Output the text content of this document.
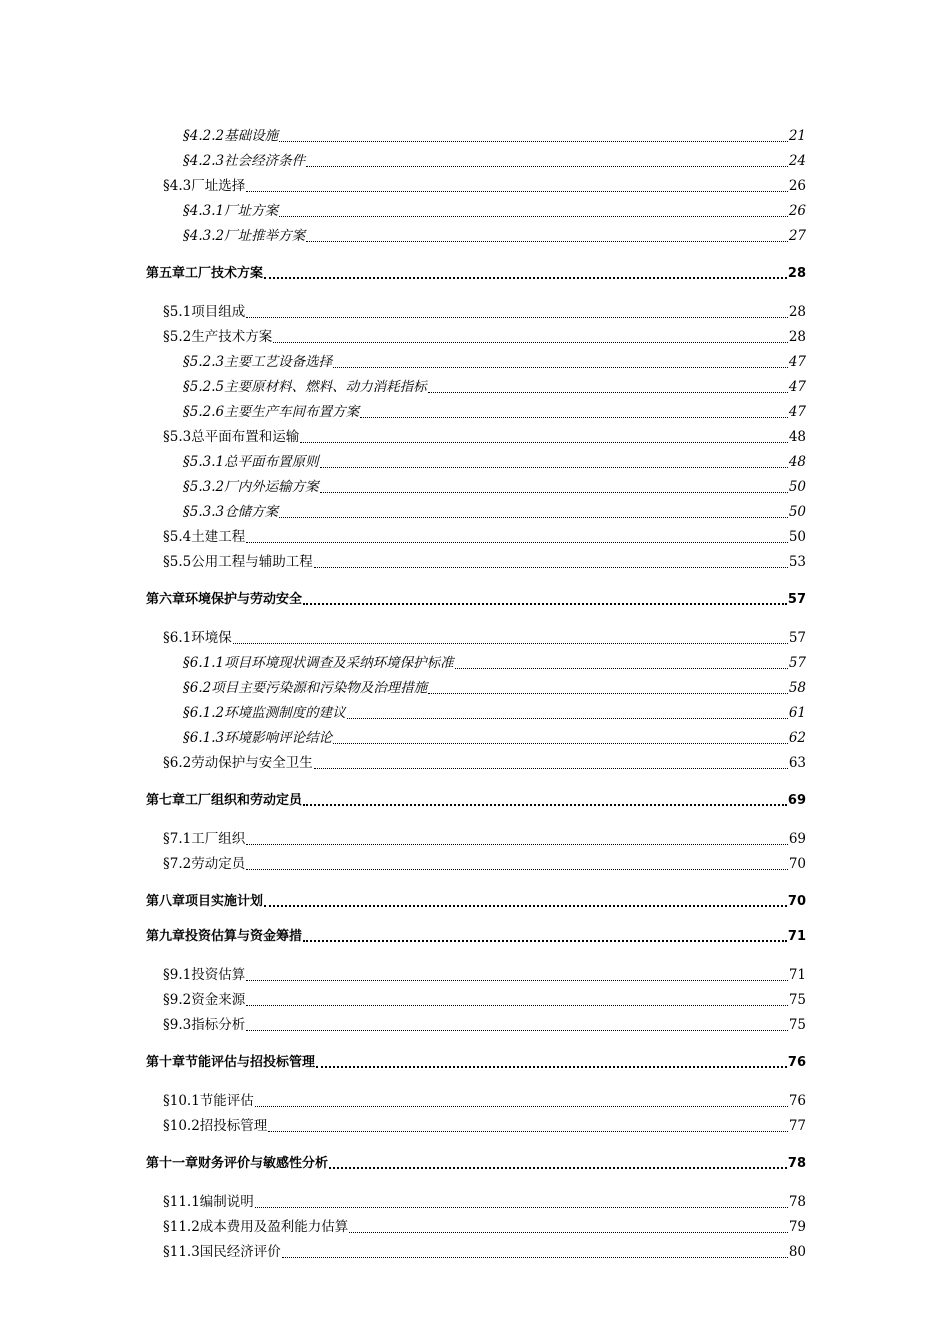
§4.2.2基础设施	21
§4.2.3社会经济条件	24
§4.3厂址选择	26
§4.3.1厂址方案	26
§4.3.2厂址推举方案	27
第五章工厂技术方案	28
§5.1项目组成	28
§5.2生产技术方案	28
§5.2.3主要工艺设备选择	47
§5.2.5主要原材料、燃料、动力消耗指标	47
§5.2.6主要生产车间布置方案	47
§5.3总平面布置和运输	48
§5.3.1总平面布置原则	48
§5.3.2厂内外运输方案	50
§5.3.3仓储方案	50
§5.4土建工程	50
§5.5公用工程与辅助工程	53
第六章环境保护与劳动安全	57
§6.1环境保	57
§6.1.1项目环境现状调查及采纳环境保护标准	57
§6.2项目主要污染源和污染物及治理措施	58
§6.1.2环境监测制度的建议	61
§6.1.3环境影响评论结论	62
§6.2劳动保护与安全卫生	63
第七章工厂组织和劳动定员	69
§7.1工厂组织	69
§7.2劳动定员	70
第八章项目实施计划	70
第九章投资估算与资金筹措	71
§9.1投资估算	71
§9.2资金来源	75
§9.3指标分析	75
第十章节能评估与招投标管理	76
§10.1节能评估	76
§10.2招投标管理	77
第十一章财务评价与敏感性分析	78
§11.1编制说明	78
§11.2成本费用及盈利能力估算	79
§11.3国民经济评价	80
